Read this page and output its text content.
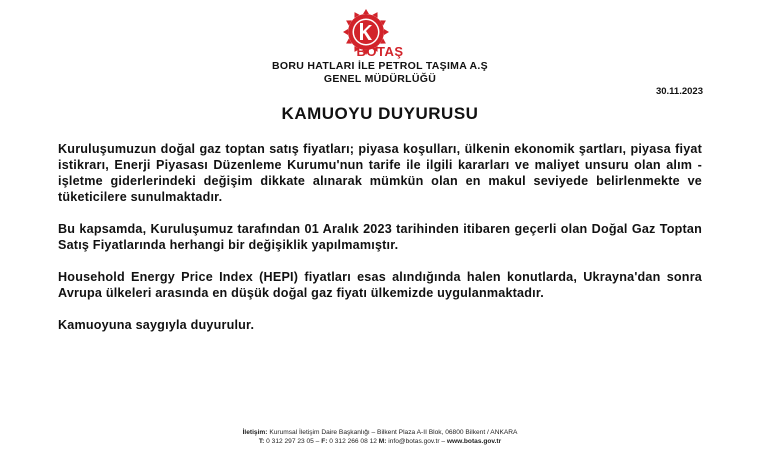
BOTAŞ
BORU HATLARI İLE PETROL TAŞIMA A.Ş
GENEL MÜDÜRLÜĞÜ
30.11.2023
KAMUOYU DUYURUSU

Kuruluşumuzun doğal gaz toptan satış fiyatları; piyasa koşulları, ülkenin ekonomik şartları, piyasa fiyat istikrarı, Enerji Piyasası Düzenleme Kurumu'nun tarife ile ilgili kararları ve maliyet unsuru olan alım - işletme giderlerindeki değişim dikkate alınarak mümkün olan en makul seviyede belirlenmekte ve tüketicilere sunulmaktadır.

Bu kapsamda, Kuruluşumuz tarafından 01 Aralık 2023 tarihinden itibaren geçerli olan Doğal Gaz Toptan Satış Fiyatlarında herhangi bir değişiklik yapılmamıştır.

Household Energy Price Index (HEPI) fiyatları esas alındığında halen konutlarda, Ukrayna'dan sonra Avrupa ülkeleri arasında en düşük doğal gaz fiyatı ülkemizde uygulanmaktadır.

Kamuoyuna saygıyla duyurulur.

İletişim: Kurumsal İletişim Daire Başkanlığı – Bilkent Plaza A-II Blok, 06800 Bilkent / ANKARA
T: 0 312 297 23 05 – F: 0 312 266 08 12 M: info@botas.gov.tr – www.botas.gov.tr
